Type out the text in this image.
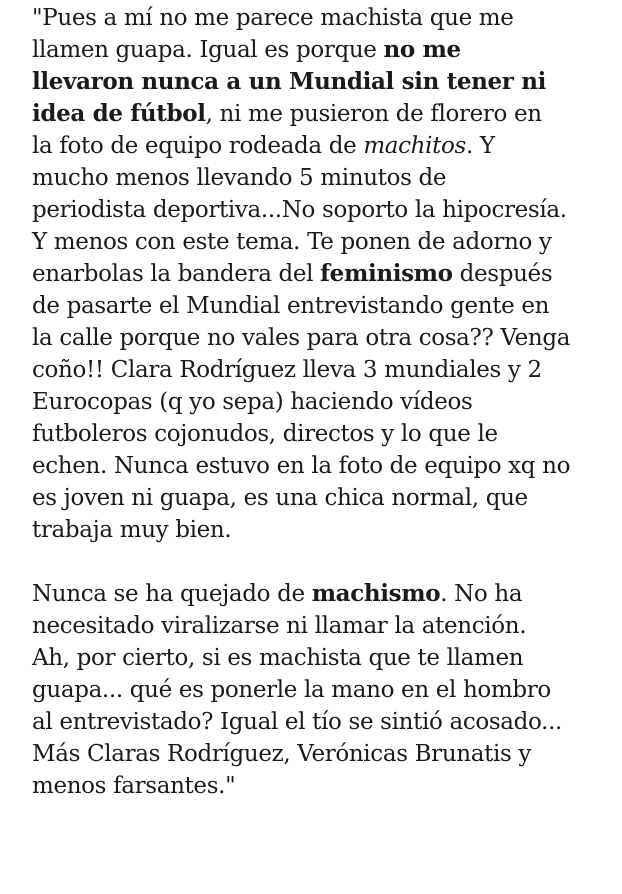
"Pues a mí no me parece machista que me
llamen guapa. Igual es porque no me
llevaron nunca a un Mundial sin tener ni
idea de fútbol, ni me pusieron de florero en
la foto de equipo rodeada de machitos. Y
mucho menos llevando 5 minutos de
periodista deportiva...No soporto la hipocresía.
Y menos con este tema. Te ponen de adorno y
enarbolas la bandera del feminismo después
de pasarte el Mundial entrevistando gente en
la calle porque no vales para otra cosa?? Venga
coño!! Clara Rodríguez lleva 3 mundiales y 2
Eurocopas (q yo sepa) haciendo vídeos
futboleros cojonudos, directos y lo que le
echen. Nunca estuvo en la foto de equipo xq no
es joven ni guapa, es una chica normal, que
trabaja muy bien.

Nunca se ha quejado de machismo. No ha
necesitado viralizarse ni llamar la atención.
Ah, por cierto, si es machista que te llamen
guapa... qué es ponerle la mano en el hombro
al entrevistado? Igual el tío se sintió acosado...
Más Claras Rodríguez, Verónicas Brunatis y
menos farsantes."
